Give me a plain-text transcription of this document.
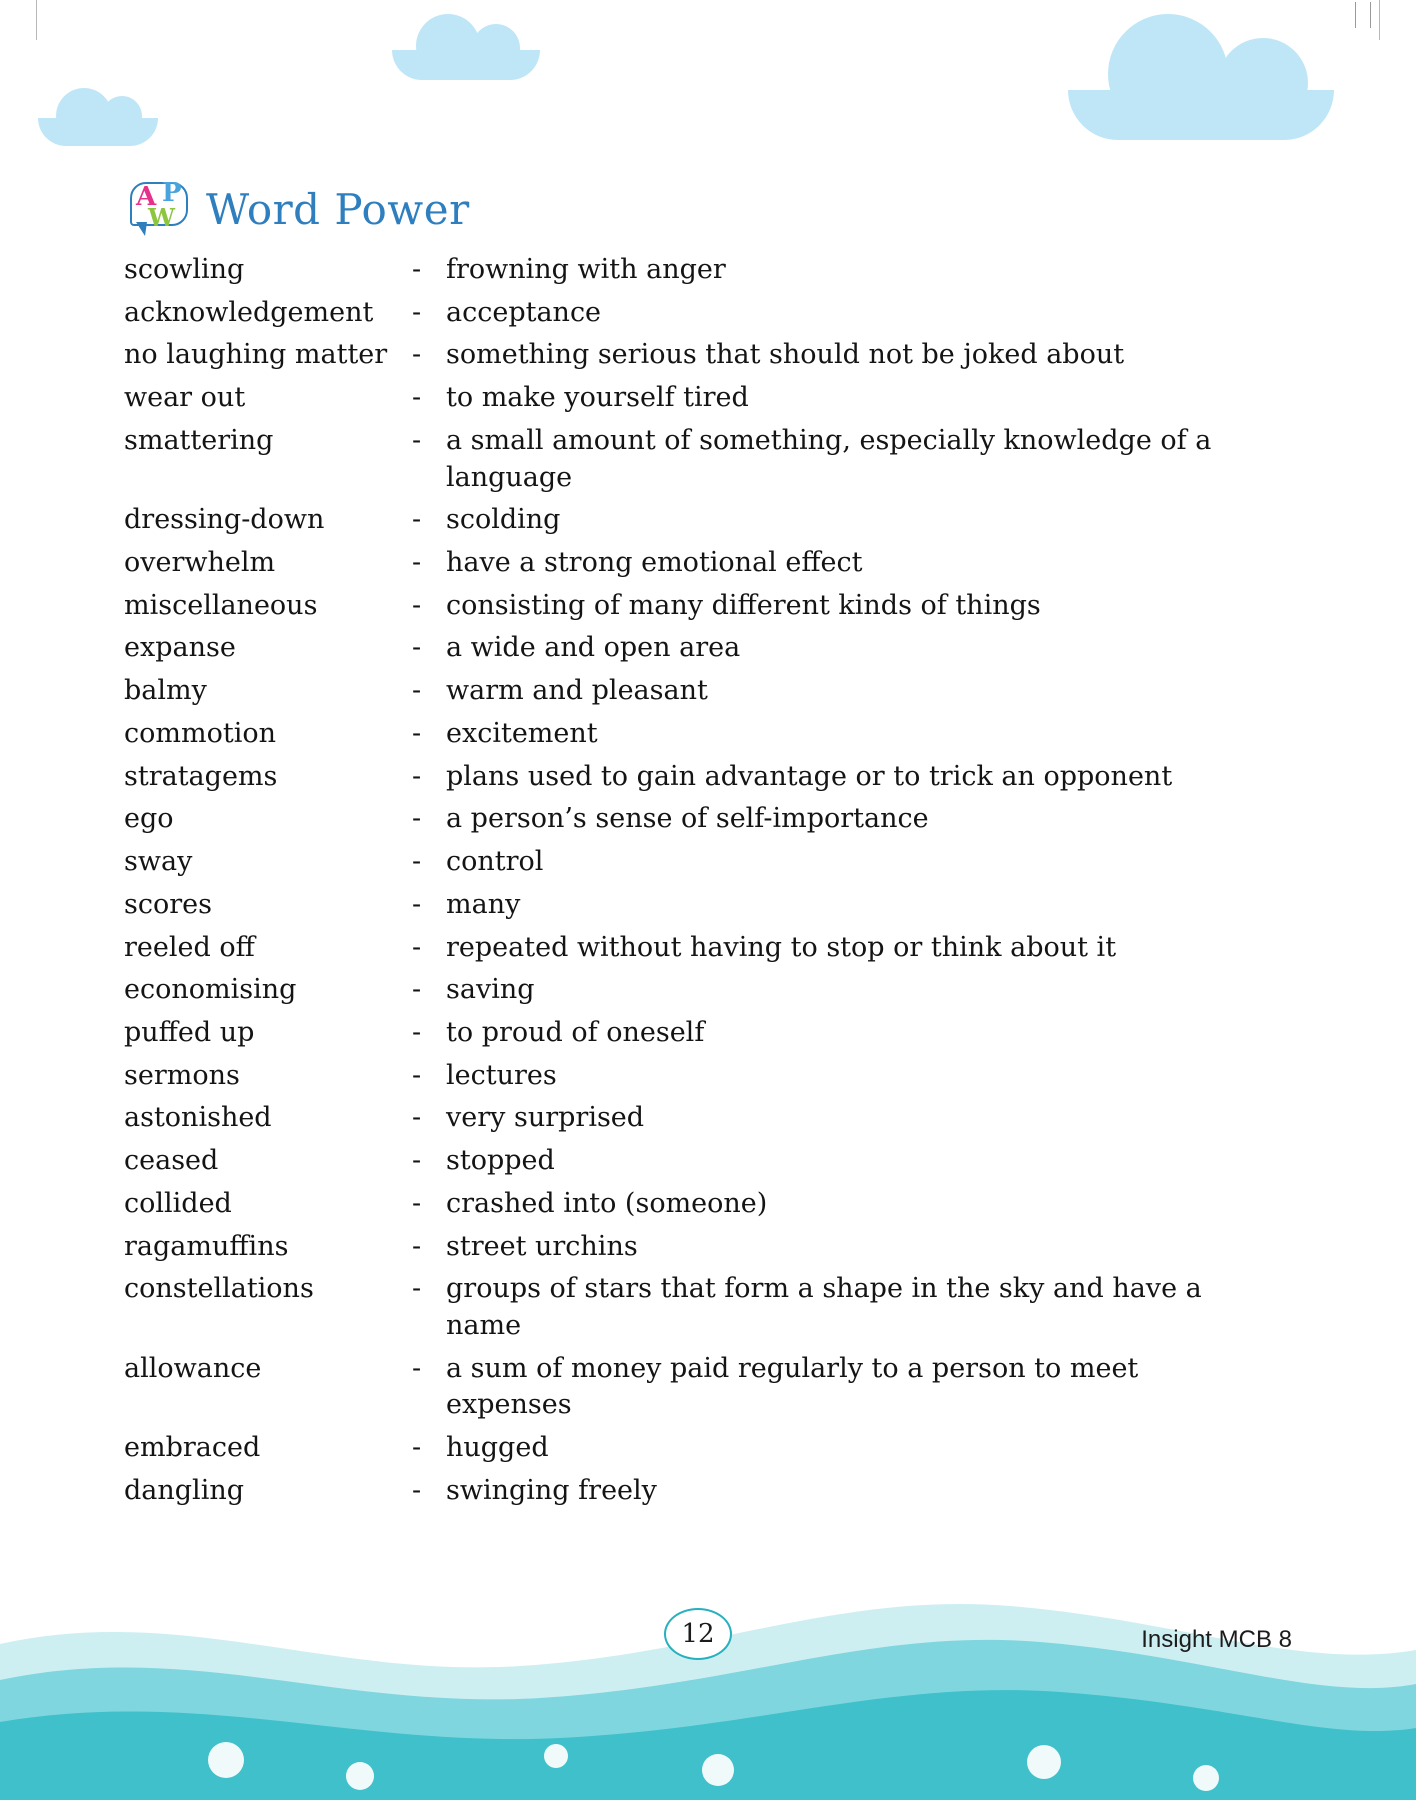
A P
W Word Power
scowling	- frowning with anger
acknowledgement	- acceptance
no laughing matter - something serious that should not be joked about
wear out	- to make yourself tired
smattering	- a small amount of something, especially knowledge of a language
dressing-down	- scolding
overwhelm	- have a strong emotional effect
miscellaneous	- consisting of many different kinds of things
expanse	- a wide and open area
balmy	- warm and pleasant
commotion	- excitement
stratagems	- plans used to gain advantage or to trick an opponent
ego	- a person’s sense of self-importance
sway	- control
scores	- many
reeled off	- repeated without having to stop or think about it
economising	- saving
puffed up	- to proud of oneself
sermons	- lectures
astonished	- very surprised
ceased	- stopped
collided	- crashed into (someone)
ragamuffins	- street urchins
constellations	- groups of stars that form a shape in the sky and have a name
allowance	- a sum of money paid regularly to a person to meet expenses
embraced	- hugged
dangling	- swinging freely
12	Insight MCB 8
